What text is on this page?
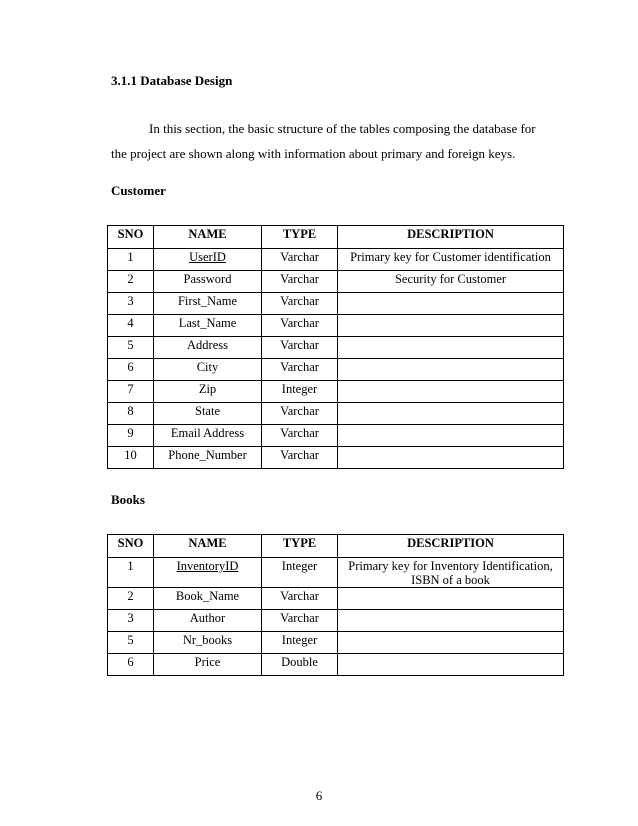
3.1.1 Database Design
In this section, the basic structure of the tables composing the database for the project are shown along with information about primary and foreign keys.
Customer
SNO	NAME	TYPE	DESCRIPTION
1	UserID	Varchar	Primary key for Customer identification
2	Password	Varchar	Security for Customer
3	First_Name	Varchar	
4	Last_Name	Varchar	
5	Address	Varchar	
6	City	Varchar	
7	Zip	Integer	
8	State	Varchar	
9	Email Address	Varchar	
10	Phone_Number	Varchar	
Books
SNO	NAME	TYPE	DESCRIPTION
1	InventoryID	Integer	Primary key for Inventory Identification, ISBN of a book
2	Book_Name	Varchar	
3	Author	Varchar	
5	Nr_books	Integer	
6	Price	Double	
6
